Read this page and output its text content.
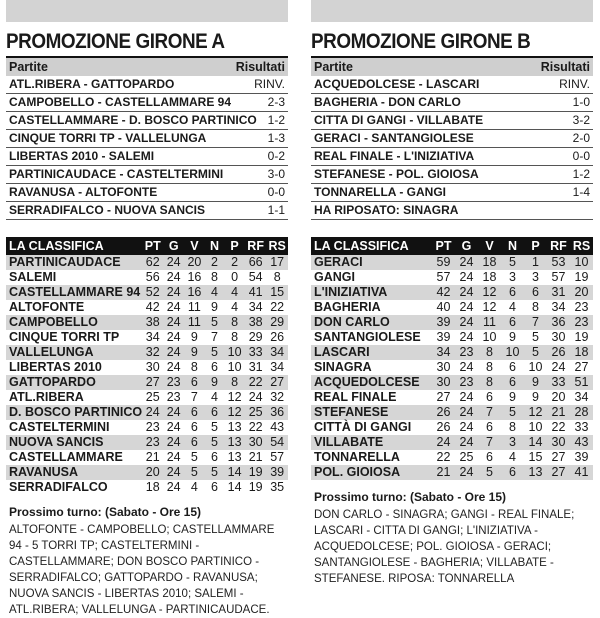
PROMOZIONE GIRONE A
Partite	Risultati
ATL.RIBERA - GATTOPARDO	RINV.
CAMPOBELLO - CASTELLAMMARE 94	2-3
CASTELLAMMARE - D. BOSCO PARTINICO 1-2
CINQUE TORRI TP - VALLELUNGA	1-3
LIBERTAS 2010 - SALEMI	0-2
PARTINICAUDACE - CASTELTERMINI	3-0
RAVANUSA - ALTOFONTE	0-0
SERRADIFALCO - NUOVA SANCIS	1-1
LA CLASSIFICA	PT	G	V	N	P	RF	RS
PARTINICAUDACE	62	24	20	2	2	66	17
SALEMI	56	24	16	8	0	54	8
CASTELLAMMARE 94	52	24	16	4	4	41	15
ALTOFONTE	42	24	11	9	4	34	22
CAMPOBELLO	38	24	11	5	8	38	29
CINQUE TORRI TP	34	24	9	7	8	29	26
VALLELUNGA	32	24	9	5	10	33	34
LIBERTAS 2010	30	24	8	6	10	31	34
GATTOPARDO	27	23	6	9	8	22	27
ATL.RIBERA	25	23	7	4	12	24	32
D. BOSCO PARTINICO	24	24	6	6	12	25	36
CASTELTERMINI	23	24	6	5	13	22	43
NUOVA SANCIS	23	24	6	5	13	30	54
CASTELLAMMARE	21	24	5	6	13	21	57
RAVANUSA	20	24	5	5	14	19	39
SERRADIFALCO	18	24	4	6	14	19	35
Prossimo turno: (Sabato - Ore 15)
ALTOFONTE - CAMPOBELLO; CASTELLAMMARE 94 - 5 TORRI TP; CASTELTERMINI - CASTELLAMMARE; DON BOSCO PARTINICO - SERRADIFALCO; GATTOPARDO - RAVANUSA; NUOVA SANCIS - LIBERTAS 2010; SALEMI - ATL.RIBERA; VALLELUNGA - PARTINICAUDACE.
PROMOZIONE GIRONE B
Partite	Risultati
ACQUEDOLCESE - LASCARI	RINV.
BAGHERIA - DON CARLO	1-0
CITTA DI GANGI - VILLABATE	3-2
GERACI - SANTANGIOLESE	2-0
REAL FINALE - L'INIZIATIVA	0-0
STEFANESE - POL. GIOIOSA	1-2
TONNARELLA - GANGI	1-4
HA RIPOSATO: SINAGRA
LA CLASSIFICA	PT	G	V	N	P	RF	RS
GERACI	59	24	18	5	1	53	10
GANGI	57	24	18	3	3	57	19
L'INIZIATIVA	42	24	12	6	6	31	20
BAGHERIA	40	24	12	4	8	34	23
DON CARLO	39	24	11	6	7	36	23
SANTANGIOLESE	39	24	10	9	5	30	19
LASCARI	34	23	8	10	5	26	18
SINAGRA	30	24	8	6	10	24	27
ACQUEDOLCESE	30	23	8	6	9	33	51
REAL FINALE	27	24	6	9	9	20	34
STEFANESE	26	24	7	5	12	21	28
CITTÀ DI GANGI	26	24	6	8	10	22	33
VILLABATE	24	24	7	3	14	30	43
TONNARELLA	22	25	6	4	15	27	39
POL. GIOIOSA	21	24	5	6	13	27	41
Prossimo turno: (Sabato - Ore 15)
DON CARLO - SINAGRA; GANGI - REAL FINALE; LASCARI - CITTA DI GANGI; L'INIZIATIVA - ACQUEDOLCESE; POL. GIOIOSA - GERACI; SANTANGIOLESE - BAGHERIA; VILLABATE - STEFANESE. RIPOSA: TONNARELLA
